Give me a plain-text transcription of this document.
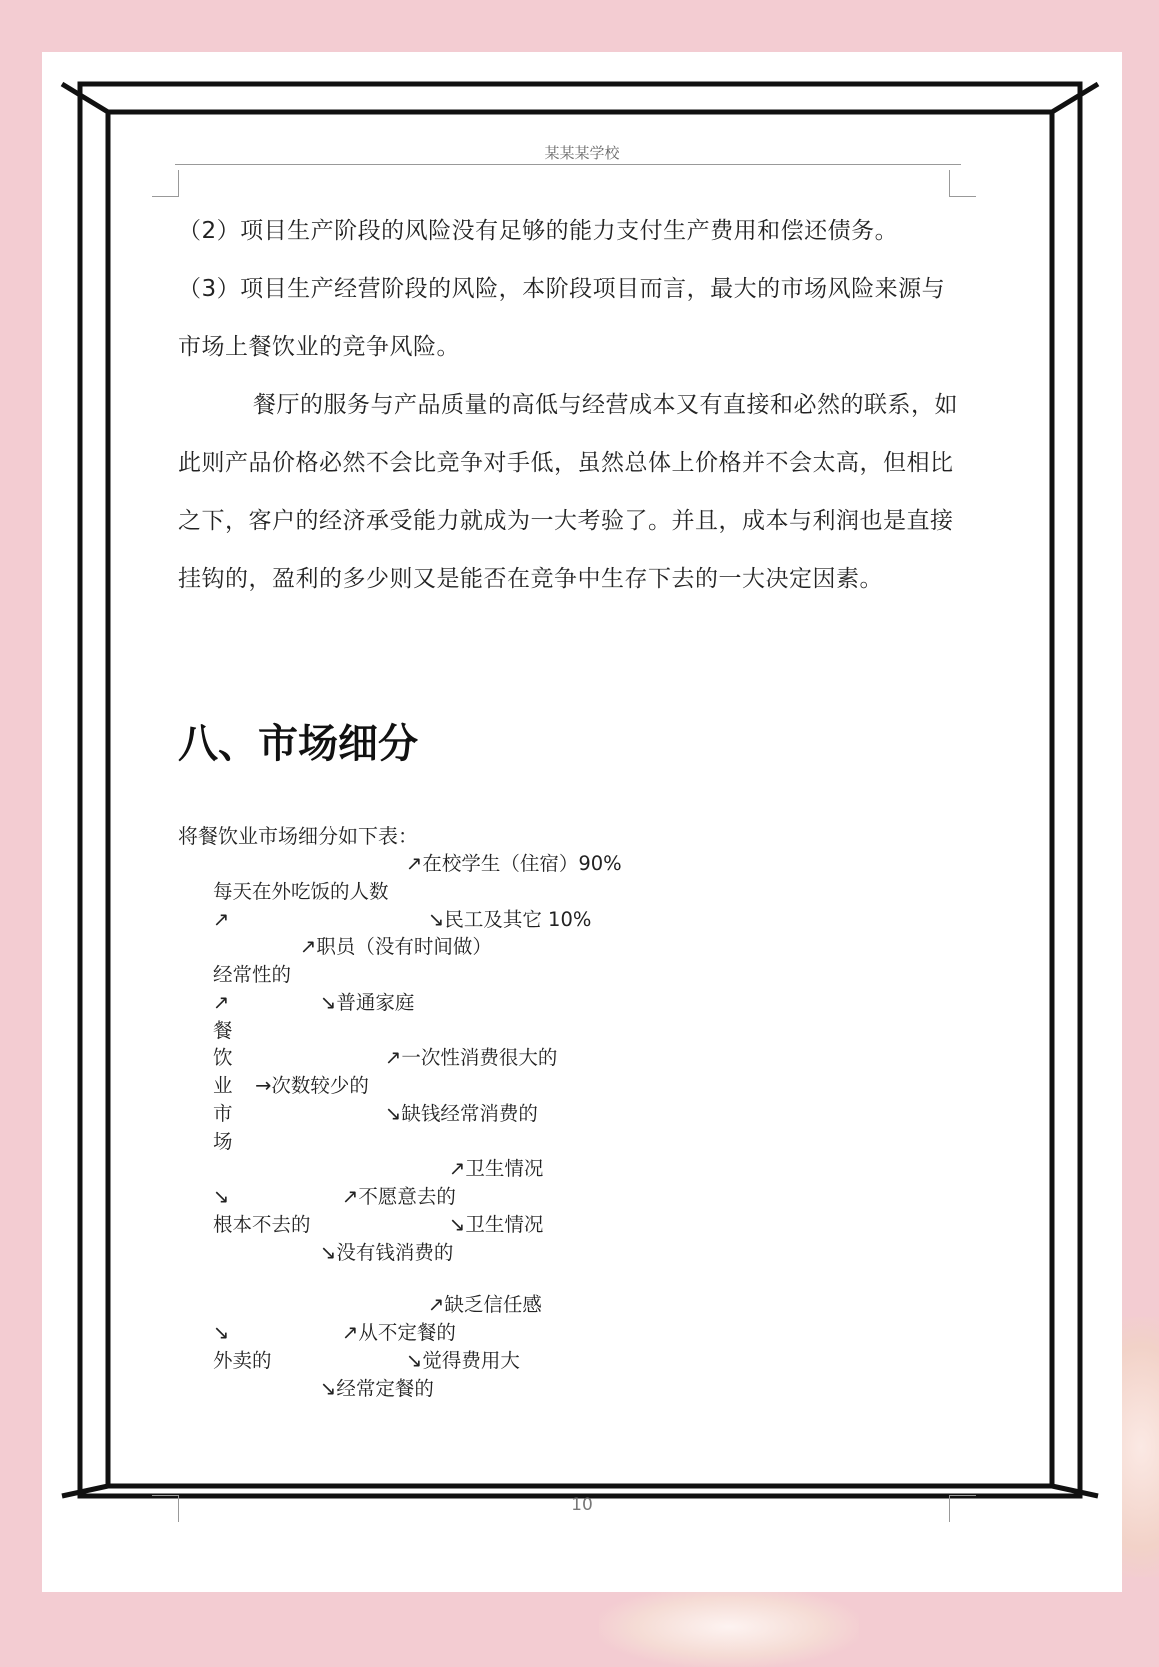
某某某学校

（2）项目生产阶段的风险没有足够的能力支付生产费用和偿还债务。

（3）项目生产经营阶段的风险，本阶段项目而言，最大的市场风险来源与市场上餐饮业的竞争风险。

餐厅的服务与产品质量的高低与经营成本又有直接和必然的联系，如此则产品价格必然不会比竞争对手低，虽然总体上价格并不会太高，但相比之下，客户的经济承受能力就成为一大考验了。并且，成本与利润也是直接挂钩的，盈利的多少则又是能否在竞争中生存下去的一大决定因素。

八、市场细分

将餐饮业市场细分如下表：

↗在校学生（住宿）90%
每天在外吃饭的人数
↗	↘民工及其它 10%
↗职员（没有时间做）
经常性的
↗	↘普通家庭
餐
饮	↗一次性消费很大的
业 →次数较少的
市	↘缺钱经常消费的
场
↗卫生情况
↘	↗不愿意去的
根本不去的	↘卫生情况
↘没有钱消费的
↗缺乏信任感
↘	↗从不定餐的
外卖的	↘觉得费用大
↘经常定餐的
10
